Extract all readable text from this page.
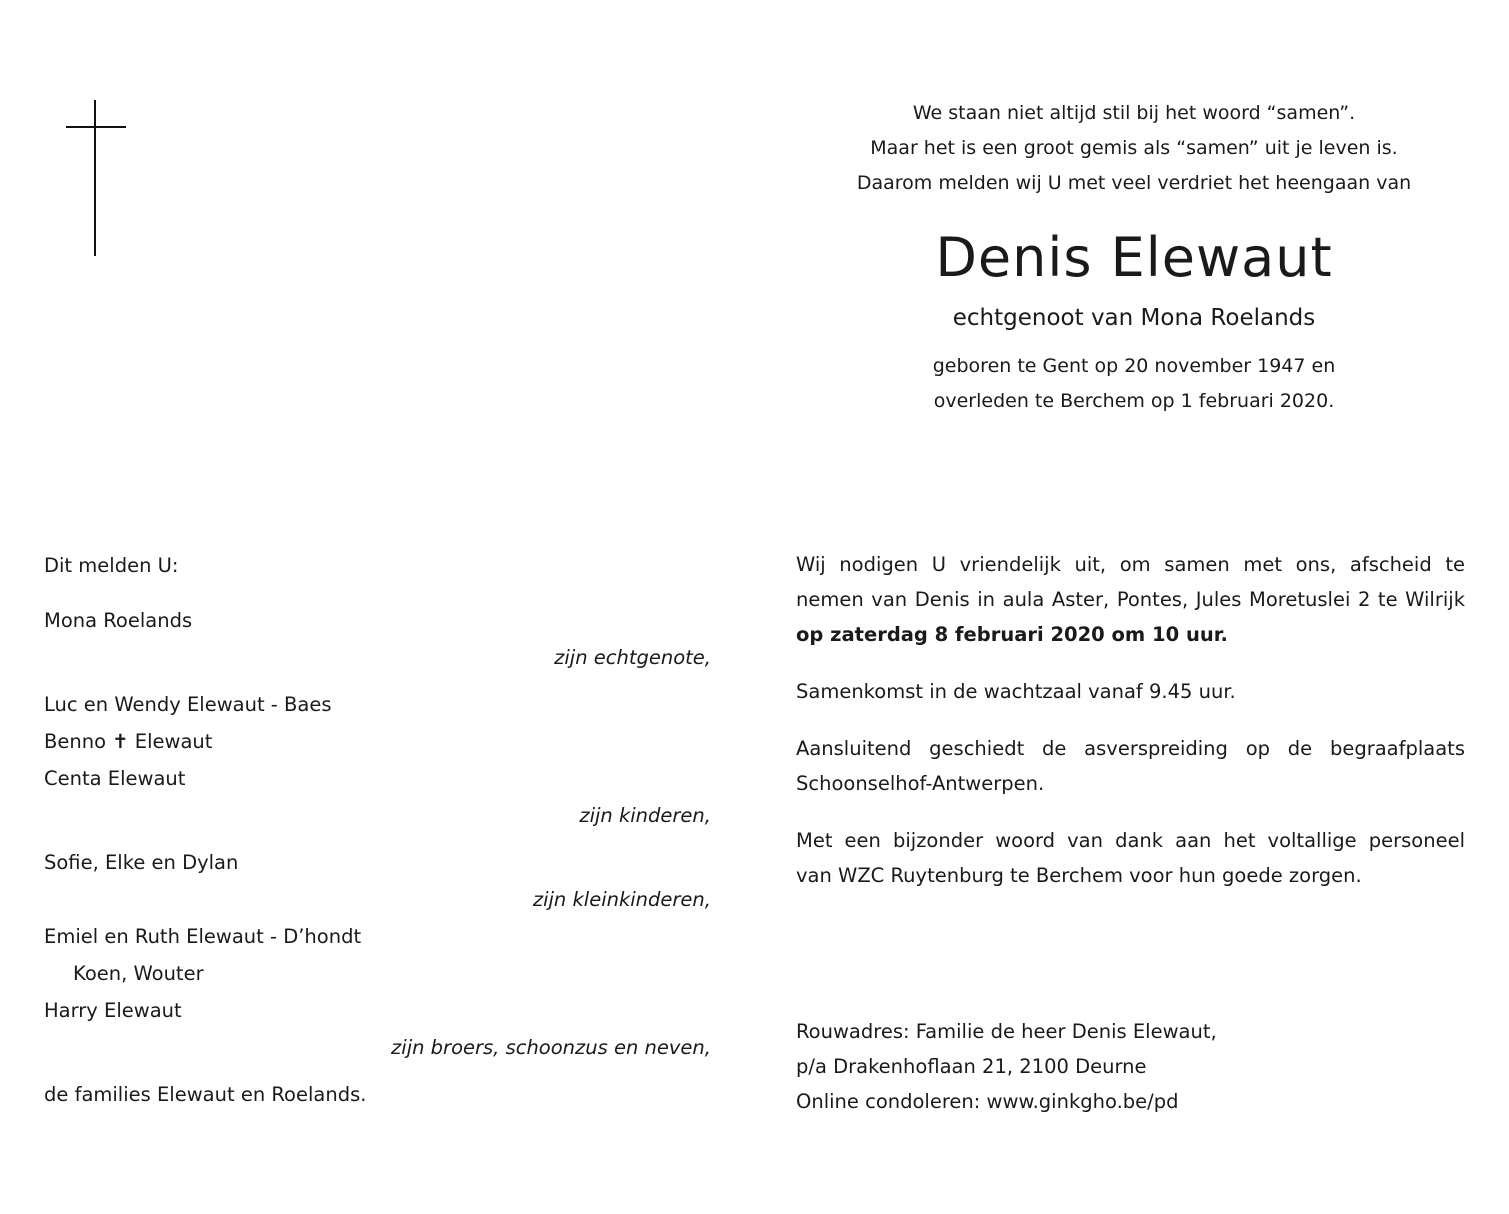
We staan niet altijd stil bij het woord “samen”.
Maar het is een groot gemis als “samen” uit je leven is.
Daarom melden wij U met veel verdriet het heengaan van
Denis Elewaut
echtgenoot van Mona Roelands
geboren te Gent op 20 november 1947 en
overleden te Berchem op 1 februari 2020.
Dit melden U:
Mona Roelands
zijn echtgenote,
Luc en Wendy Elewaut - Baes
Benno ✝ Elewaut
Centa Elewaut
zijn kinderen,
Sofie, Elke en Dylan
zijn kleinkinderen,
Emiel en Ruth Elewaut - D’hondt
Koen, Wouter
Harry Elewaut
zijn broers, schoonzus en neven,
de families Elewaut en Roelands.
Wij nodigen U vriendelijk uit, om samen met ons, afscheid te
nemen van Denis in aula Aster, Pontes, Jules Moretuslei 2 te Wilrijk
op zaterdag 8 februari 2020 om 10 uur.
Samenkomst in de wachtzaal vanaf 9.45 uur.
Aansluitend geschiedt de asverspreiding op de begraafplaats
Schoonselhof-Antwerpen.
Met een bijzonder woord van dank aan het voltallige personeel
van WZC Ruytenburg te Berchem voor hun goede zorgen.
Rouwadres: Familie de heer Denis Elewaut,
p/a Drakenhoflaan 21, 2100 Deurne
Online condoleren: www.ginkgho.be/pd
